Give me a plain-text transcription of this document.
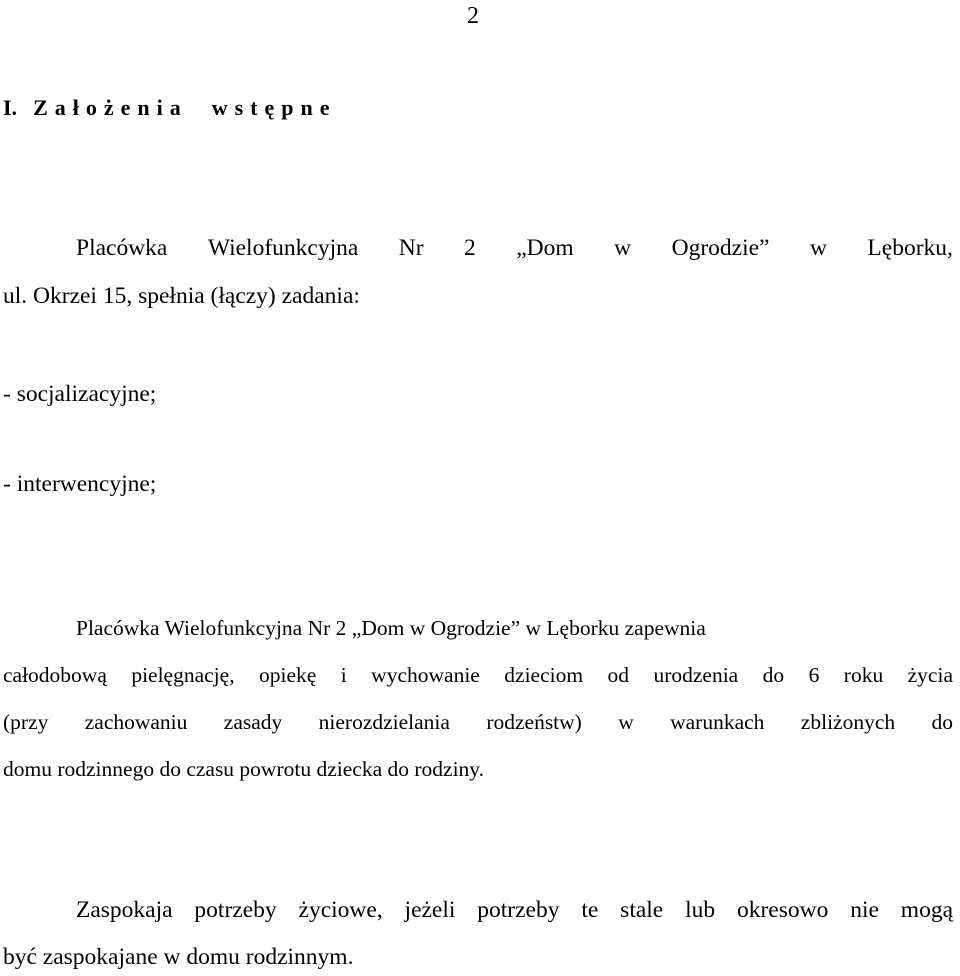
2
I. Założenia wstępne
Placówka Wielofunkcyjna Nr 2 „Dom w Ogrodzie” w Lęborku,
ul. Okrzei 15, spełnia (łączy) zadania:
- socjalizacyjne;
- interwencyjne;
Placówka Wielofunkcyjna Nr 2 „Dom w Ogrodzie” w Lęborku zapewnia
całodobową pielęgnację, opiekę i wychowanie dzieciom od urodzenia do 6 roku życia
(przy zachowaniu zasady nierozdzielania rodzeństw) w warunkach zbliżonych do
domu rodzinnego do czasu powrotu dziecka do rodziny.
Zaspokaja potrzeby życiowe, jeżeli potrzeby te stale lub okresowo nie mogą
być zaspokajane w domu rodzinnym.
